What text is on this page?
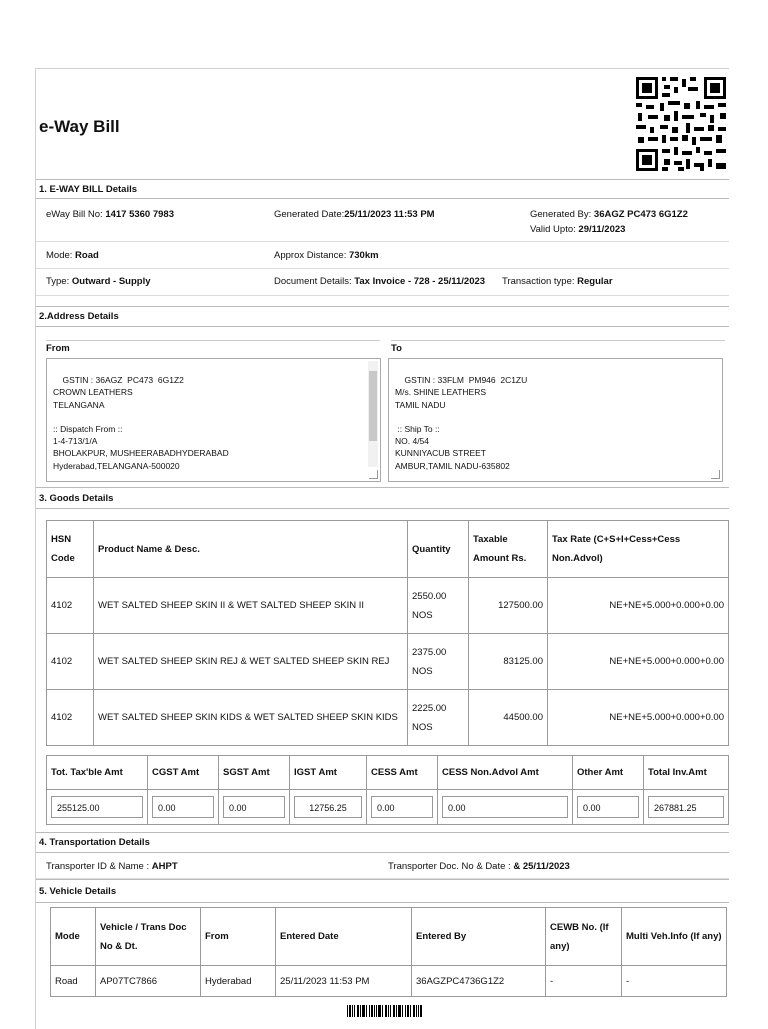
e-Way Bill
1. E-WAY BILL Details
eWay Bill No: 1417 5360 7983	Generated Date:25/11/2023 11:53 PM	Generated By: 36AGZ PC473 6G1Z2
Valid Upto: 29/11/2023
Mode: Road	Approx Distance: 730km
Type: Outward - Supply	Document Details: Tax Invoice - 728 - 25/11/2023 Transaction type: Regular
2.Address Details
From	To

GSTIN : 36AGZ  PC473  6G1Z2
CROWN LEATHERS
TELANGANA

:: Dispatch From ::
1-4-713/1/A
BHOLAKPUR, MUSHEERABADHYDERABAD
Hyderabad,TELANGANA-500020

GSTIN : 33FLM  PM946  2C1ZU
M/s. SHINE LEATHERS
TAMIL NADU

:: Ship To ::
NO. 4/54
KUNNIYACUB STREET
AMBUR,TAMIL NADU-635802

3. Goods Details
HSN Code	Product Name & Desc.	Quantity	Taxable Amount Rs.	Tax Rate (C+S+I+Cess+Cess Non.Advol)
4102	WET SALTED SHEEP SKIN II & WET SALTED SHEEP SKIN II	2550.00 NOS	127500.00	NE+NE+5.000+0.000+0.00
4102	WET SALTED SHEEP SKIN REJ & WET SALTED SHEEP SKIN REJ	2375.00 NOS	83125.00	NE+NE+5.000+0.000+0.00
4102	WET SALTED SHEEP SKIN KIDS & WET SALTED SHEEP SKIN KIDS	2225.00 NOS	44500.00	NE+NE+5.000+0.000+0.00
Tot. Tax'ble Amt	CGST Amt	SGST Amt	IGST Amt	CESS Amt	CESS Non.Advol Amt	Other Amt	Total Inv.Amt

255125.00	0.00	0.00	12756.25	0.00	0.00	0.00	267881.25
4. Transportation Details
Transporter ID & Name : AHPT	Transporter Doc. No & Date : & 25/11/2023
5. Vehicle Details
Mode	Vehicle / Trans Doc No & Dt.	From	Entered Date	Entered By	CEWB No. (If any)	Multi Veh.Info (If any)
Road	AP07TC7866	Hyderabad	25/11/2023 11:53 PM	36AGZPC4736G1Z2	-	-
